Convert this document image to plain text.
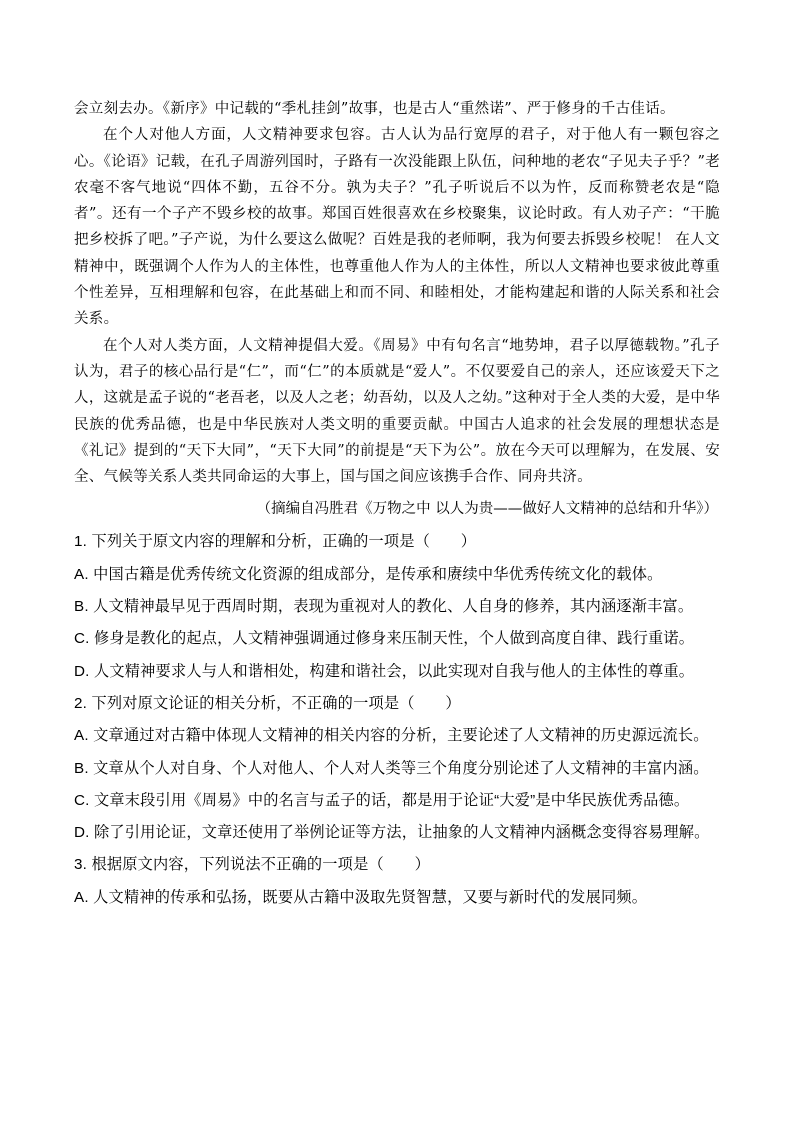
会立刻去办。《新序》中记载的“季札挂剑”故事，也是古人“重然诺”、严于修身的千古佳话。

在个人对他人方面，人文精神要求包容。古人认为品行宽厚的君子，对于他人有一颗包容之心。《论语》记载，在孔子周游列国时，子路有一次没能跟上队伍，问种地的老农“子见夫子乎？”老农毫不客气地说“四体不勤，五谷不分。孰为夫子？”孔子听说后不以为忤，反而称赞老农是“隐者”。还有一个子产不毁乡校的故事。郑国百姓很喜欢在乡校聚集，议论时政。有人劝子产：“干脆把乡校拆了吧。”子产说，为什么要这么做呢？百姓是我的老师啊，我为何要去拆毁乡校呢！ 在人文精神中，既强调个人作为人的主体性，也尊重他人作为人的主体性，所以人文精神也要求彼此尊重个性差异，互相理解和包容，在此基础上和而不同、和睦相处，才能构建起和谐的人际关系和社会关系。

在个人对人类方面，人文精神提倡大爱。《周易》中有句名言“地势坤，君子以厚德载物。”孔子认为，君子的核心品行是“仁”，而“仁”的本质就是“爱人”。不仅要爱自己的亲人，还应该爱天下之人，这就是孟子说的“老吾老，以及人之老；幼吾幼，以及人之幼。”这种对于全人类的大爱，是中华民族的优秀品德，也是中华民族对人类文明的重要贡献。中国古人追求的社会发展的理想状态是《礼记》提到的“天下大同”，“天下大同”的前提是“天下为公”。放在今天可以理解为，在发展、安全、气候等关系人类共同命运的大事上，国与国之间应该携手合作、同舟共济。

（摘编自冯胜君《万物之中 以人为贵——做好人文精神的总结和升华》）
1. 下列关于原文内容的理解和分析，正确的一项是（　　）
A. 中国古籍是优秀传统文化资源的组成部分，是传承和赓续中华优秀传统文化的载体。
B. 人文精神最早见于西周时期，表现为重视对人的教化、人自身的修养，其内涵逐渐丰富。
C. 修身是教化的起点，人文精神强调通过修身来压制天性，个人做到高度自律、践行重诺。
D. 人文精神要求人与人和谐相处，构建和谐社会，以此实现对自我与他人的主体性的尊重。
2. 下列对原文论证的相关分析，不正确的一项是（　　）
A. 文章通过对古籍中体现人文精神的相关内容的分析，主要论述了人文精神的历史源远流长。
B. 文章从个人对自身、个人对他人、个人对人类等三个角度分别论述了人文精神的丰富内涵。
C. 文章末段引用《周易》中的名言与孟子的话，都是用于论证“大爱”是中华民族优秀品德。
D. 除了引用论证，文章还使用了举例论证等方法，让抽象的人文精神内涵概念变得容易理解。
3. 根据原文内容，下列说法不正确的一项是（　　）
A. 人文精神的传承和弘扬，既要从古籍中汲取先贤智慧，又要与新时代的发展同频。
